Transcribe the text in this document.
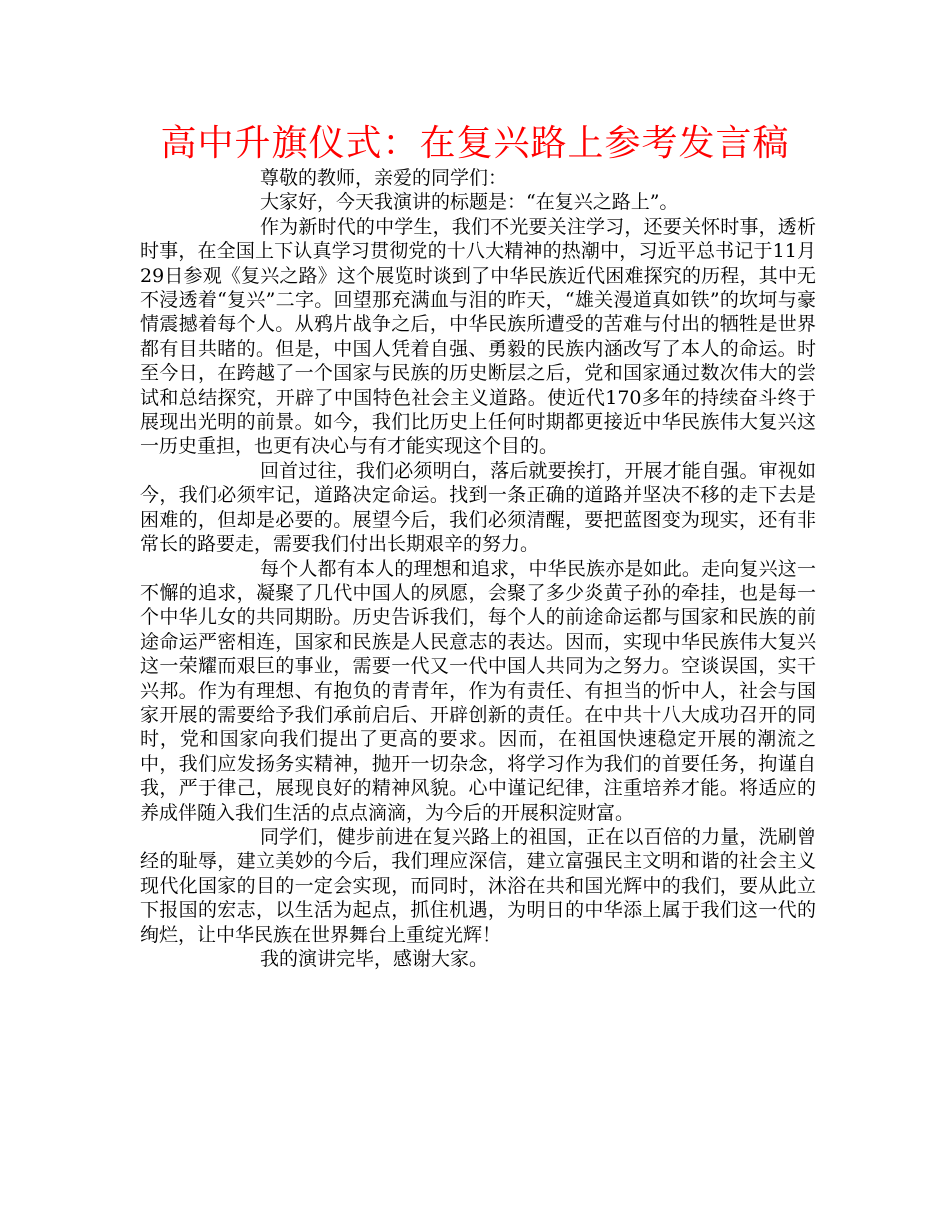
高中升旗仪式：在复兴路上参考发言稿

尊敬的教师，亲爱的同学们：

大家好，今天我演讲的标题是：“在复兴之路上”。

作为新时代的中学生，我们不光要关注学习，还要关怀时事，透析时事，在全国上下认真学习贯彻党的十八大精神的热潮中，习近平总书记于11月29日参观《复兴之路》这个展览时谈到了中华民族近代困难探究的历程，其中无不浸透着“复兴”二字。回望那充满血与泪的昨天，“雄关漫道真如铁”的坎坷与豪情震撼着每个人。从鸦片战争之后，中华民族所遭受的苦难与付出的牺牲是世界都有目共睹的。但是，中国人凭着自强、勇毅的民族内涵改写了本人的命运。时至今日，在跨越了一个国家与民族的历史断层之后，党和国家通过数次伟大的尝试和总结探究，开辟了中国特色社会主义道路。使近代170多年的持续奋斗终于展现出光明的前景。如今，我们比历史上任何时期都更接近中华民族伟大复兴这一历史重担，也更有决心与有才能实现这个目的。

回首过往，我们必须明白，落后就要挨打，开展才能自强。审视如今，我们必须牢记，道路决定命运。找到一条正确的道路并坚决不移的走下去是困难的，但却是必要的。展望今后，我们必须清醒，要把蓝图变为现实，还有非常长的路要走，需要我们付出长期艰辛的努力。

每个人都有本人的理想和追求，中华民族亦是如此。走向复兴这一不懈的追求，凝聚了几代中国人的夙愿，会聚了多少炎黄子孙的牵挂，也是每一个中华儿女的共同期盼。历史告诉我们，每个人的前途命运都与国家和民族的前途命运严密相连，国家和民族是人民意志的表达。因而，实现中华民族伟大复兴这一荣耀而艰巨的事业，需要一代又一代中国人共同为之努力。空谈误国，实干兴邦。作为有理想、有抱负的青青年，作为有责任、有担当的忻中人，社会与国家开展的需要给予我们承前启后、开辟创新的责任。在中共十八大成功召开的同时，党和国家向我们提出了更高的要求。因而，在祖国快速稳定开展的潮流之中，我们应发扬务实精神，抛开一切杂念，将学习作为我们的首要任务，拘谨自我，严于律己，展现良好的精神风貌。心中谨记纪律，注重培养才能。将适应的养成伴随入我们生活的点点滴滴，为今后的开展积淀财富。

同学们，健步前进在复兴路上的祖国，正在以百倍的力量，洗刷曾经的耻辱，建立美妙的今后，我们理应深信，建立富强民主文明和谐的社会主义现代化国家的目的一定会实现，而同时，沐浴在共和国光辉中的我们，要从此立下报国的宏志，以生活为起点，抓住机遇，为明日的中华添上属于我们这一代的绚烂，让中华民族在世界舞台上重绽光辉！

我的演讲完毕，感谢大家。
